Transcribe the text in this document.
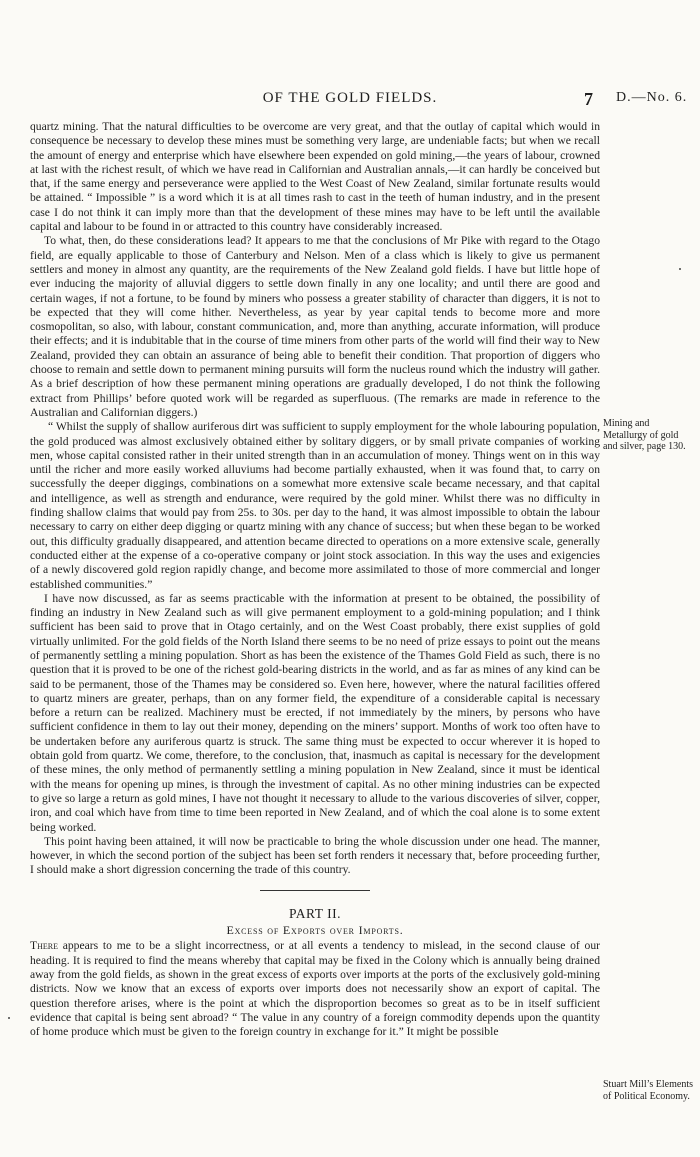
OF THE GOLD FIELDS.	7 D.—No. 6.

quartz mining. That the natural difficulties to be overcome are very great, and that the outlay of capital which would in consequence be necessary to develop these mines must be something very large, are undeniable facts; but when we recall the amount of energy and enterprise which have elsewhere been expended on gold mining,—the years of labour, crowned at last with the richest result, of which we have read in Californian and Australian annals,—it can hardly be conceived but that, if the same energy and perseverance were applied to the West Coast of New Zealand, similar fortunate results would be attained. “ Impossible ” is a word which it is at all times rash to cast in the teeth of human industry, and in the present case I do not think it can imply more than that the development of these mines may have to be left until the available capital and labour to be found in or attracted to this country have considerably increased.

To what, then, do these considerations lead? It appears to me that the conclusions of Mr Pike with regard to the Otago field, are equally applicable to those of Canterbury and Nelson. Men of a class which is likely to give us permanent settlers and money in almost any quantity, are the requirements of the New Zealand gold fields. I have but little hope of ever inducing the majority of alluvial diggers to settle down finally in any one locality; and until there are good and certain wages, if not a fortune, to be found by miners who possess a greater stability of character than diggers, it is not to be expected that they will come hither. Nevertheless, as year by year capital tends to become more and more cosmopolitan, so also, with labour, constant communication, and, more than anything, accurate information, will produce their effects; and it is indubitable that in the course of time miners from other parts of the world will find their way to New Zealand, provided they can obtain an assurance of being able to benefit their condition. That proportion of diggers who choose to remain and settle down to permanent mining pursuits will form the nucleus round which the industry will gather. As a brief description of how these permanent mining operations are gradually developed, I do not think the following extract from Phillips’ before quoted work will be regarded as superfluous. (The remarks are made in reference to the Australian and Californian diggers.)

“ Whilst the supply of shallow auriferous dirt was sufficient to supply employment for the whole labouring population, the gold produced was almost exclusively obtained either by solitary diggers, or by small private companies of working men, whose capital consisted rather in their united strength than in an accumulation of money. Things went on in this way until the richer and more easily worked alluviums had become partially exhausted, when it was found that, to carry on successfully the deeper diggings, combinations on a somewhat more extensive scale became necessary, and that capital and intelligence, as well as strength and endurance, were required by the gold miner. Whilst there was no difficulty in finding shallow claims that would pay from 25s. to 30s. per day to the hand, it was almost impossible to obtain the labour necessary to carry on either deep digging or quartz mining with any chance of success; but when these began to be worked out, this difficulty gradually disappeared, and attention became directed to operations on a more extensive scale, generally conducted either at the expense of a co-operative company or joint stock association. In this way the uses and exigencies of a newly discovered gold region rapidly change, and become more assimilated to those of more commercial and longer established communities.”

I have now discussed, as far as seems practicable with the information at present to be obtained, the possibility of finding an industry in New Zealand such as will give permanent employment to a gold-mining population; and I think sufficient has been said to prove that in Otago certainly, and on the West Coast probably, there exist supplies of gold virtually unlimited. For the gold fields of the North Island there seems to be no need of prize essays to point out the means of permanently settling a mining population. Short as has been the existence of the Thames Gold Field as such, there is no question that it is proved to be one of the richest gold-bearing districts in the world, and as far as mines of any kind can be said to be permanent, those of the Thames may be considered so. Even here, however, where the natural facilities offered to quartz miners are greater, perhaps, than on any former field, the expenditure of a considerable capital is necessary before a return can be realized. Machinery must be erected, if not immediately by the miners, by persons who have sufficient confidence in them to lay out their money, depending on the miners’ support. Months of work too often have to be undertaken before any auriferous quartz is struck. The same thing must be expected to occur wherever it is hoped to obtain gold from quartz. We come, therefore, to the conclusion, that, inasmuch as capital is necessary for the development of these mines, the only method of permanently settling a mining population in New Zealand, since it must be identical with the means for opening up mines, is through the investment of capital. As no other mining industries can be expected to give so large a return as gold mines, I have not thought it necessary to allude to the various discoveries of silver, copper, iron, and coal which have from time to time been reported in New Zealand, and of which the coal alone is to some extent being worked.

This point having been attained, it will now be practicable to bring the whole discussion under one head. The manner, however, in which the second portion of the subject has been set forth renders it necessary that, before proceeding further, I should make a short digression concerning the trade of this country.

PART II.
Excess of Exports over Imports.

There appears to me to be a slight incorrectness, or at all events a tendency to mislead, in the second clause of our heading. It is required to find the means whereby that capital may be fixed in the Colony which is annually being drained away from the gold fields, as shown in the great excess of exports over imports at the ports of the exclusively gold-mining districts. Now we know that an excess of exports over imports does not necessarily show an export of capital. The question therefore arises, where is the point at which the disproportion becomes so great as to be in itself sufficient evidence that capital is being sent abroad? “ The value in any country of a foreign commodity depends upon the quantity of home produce which must be given to the foreign country in exchange for it.” It might be possible

Mining and Metallurgy of gold and silver, page 130.
Stuart Mill’s Elements of Political Economy.
